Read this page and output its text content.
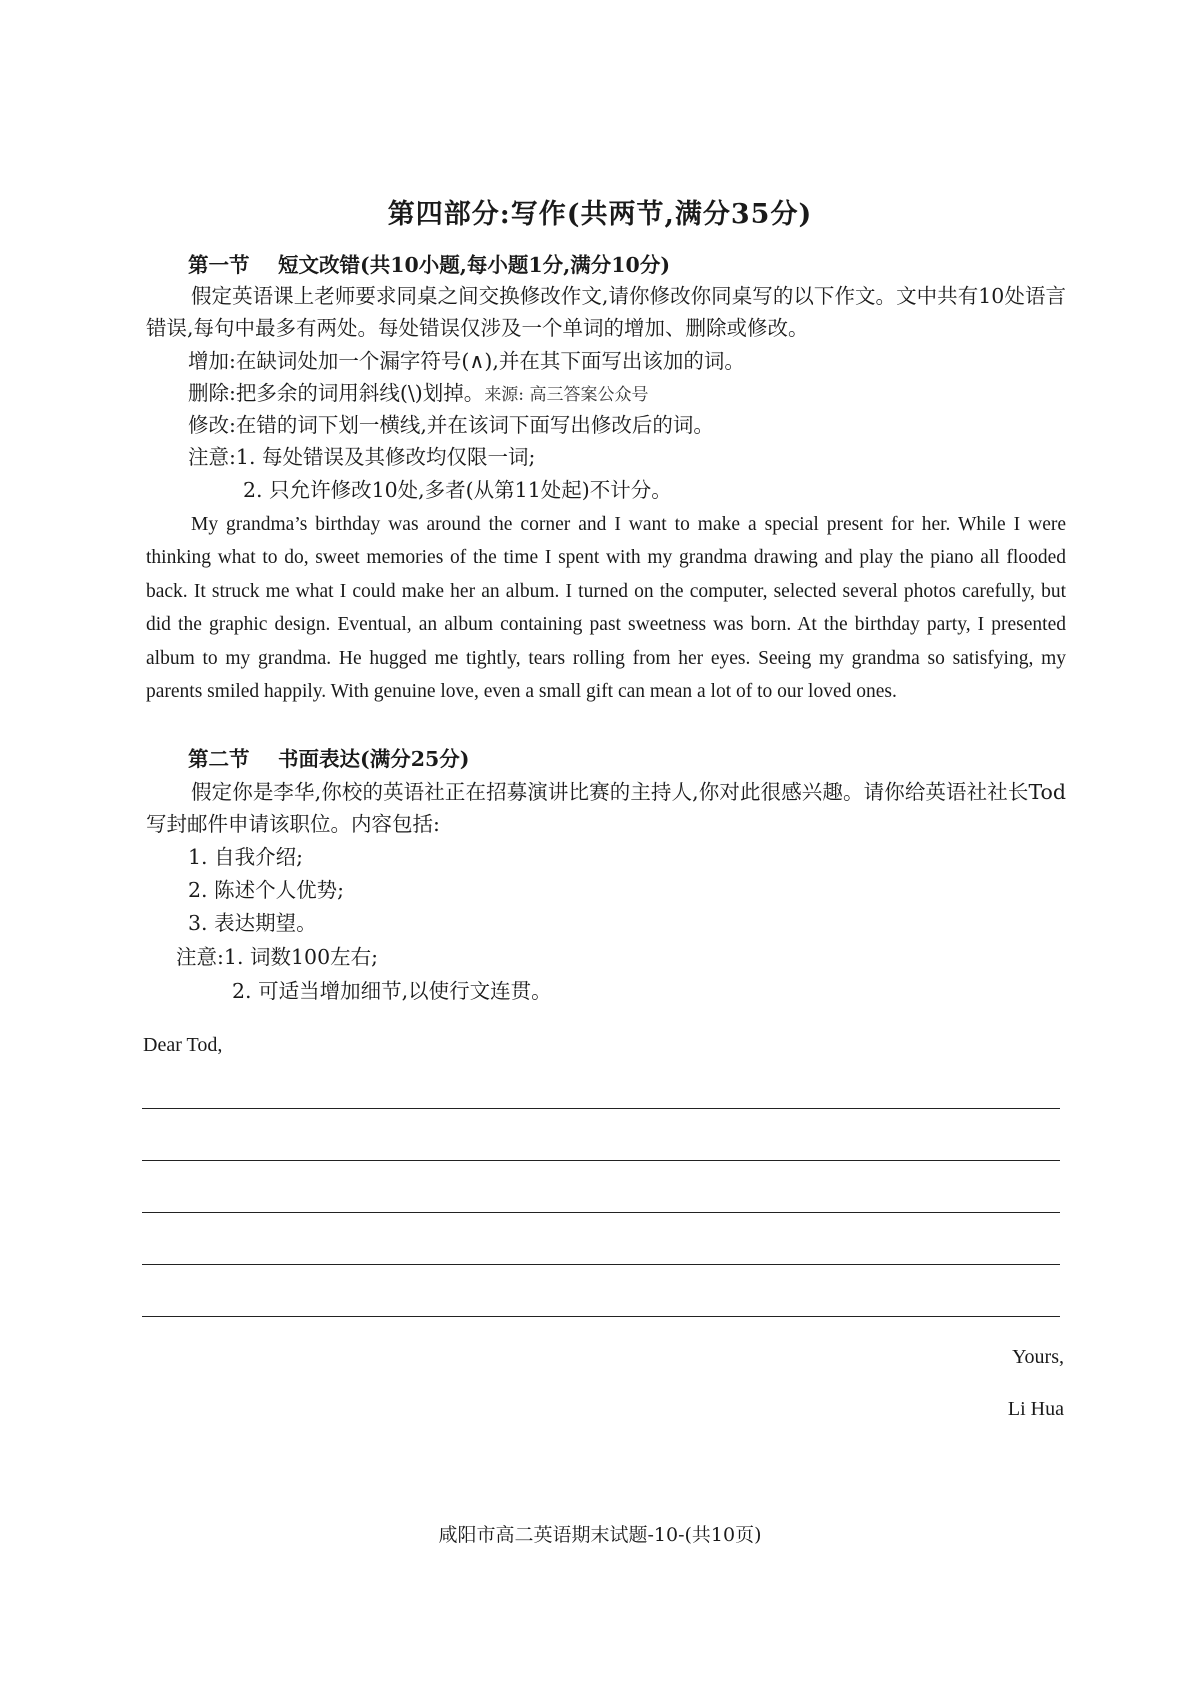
第四部分:写作(共两节,满分35分)
第一节 短文改错(共10小题,每小题1分,满分10分)
假定英语课上老师要求同桌之间交换修改作文,请你修改你同桌写的以下作文。文中共有10处语言错误,每句中最多有两处。每处错误仅涉及一个单词的增加、删除或修改。
增加:在缺词处加一个漏字符号(∧),并在其下面写出该加的词。
删除:把多余的词用斜线(\)划掉。来源: 高三答案公众号
修改:在错的词下划一横线,并在该词下面写出修改后的词。
注意:1. 每处错误及其修改均仅限一词;
2. 只允许修改10处,多者(从第11处起)不计分。
My grandma’s birthday was around the corner and I want to make a special present for her. While I were thinking what to do, sweet memories of the time I spent with my grandma drawing and play the piano all flooded back. It struck me what I could make her an album. I turned on the computer, selected several photos carefully, but did the graphic design. Eventual, an album containing past sweetness was born. At the birthday party, I presented album to my grandma. He hugged me tightly, tears rolling from her eyes. Seeing my grandma so satisfying, my parents smiled happily. With genuine love, even a small gift can mean a lot of to our loved ones.
第二节 书面表达(满分25分)
假定你是李华,你校的英语社正在招募演讲比赛的主持人,你对此很感兴趣。请你给英语社社长Tod写封邮件申请该职位。内容包括:
1. 自我介绍;
2. 陈述个人优势;
3. 表达期望。
注意:1. 词数100左右;
2. 可适当增加细节,以使行文连贯。
Dear Tod,
Yours,
Li Hua
咸阳市高二英语期末试题-10-(共10页)
